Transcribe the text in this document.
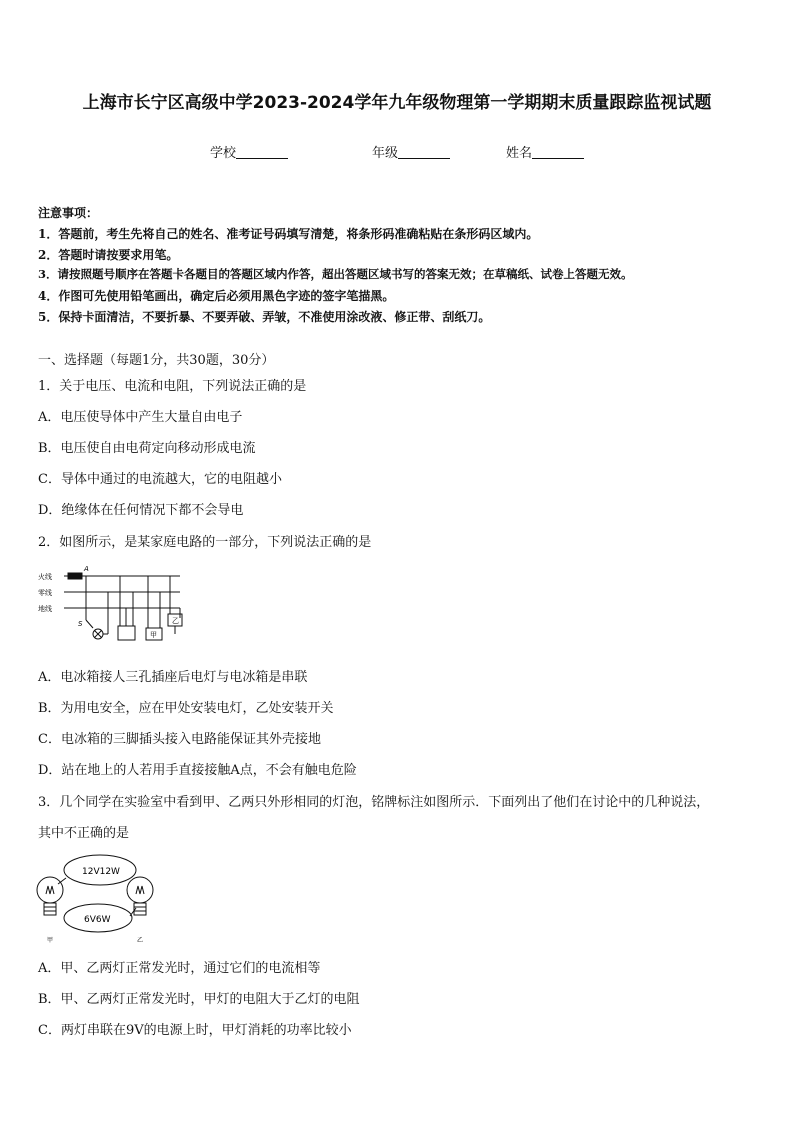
上海市长宁区高级中学2023-2024学年九年级物理第一学期期末质量跟踪监视试题
学校	年级	姓名
注意事项：
1．答题前，考生先将自己的姓名、准考证号码填写清楚，将条形码准确粘贴在条形码区域内。
2．答题时请按要求用笔。
3．请按照题号顺序在答题卡各题目的答题区域内作答，超出答题区域书写的答案无效；在草稿纸、试卷上答题无效。
4．作图可先使用铅笔画出，确定后必须用黑色字迹的签字笔描黑。
5．保持卡面清洁，不要折暴、不要弄破、弄皱，不准使用涂改液、修正带、刮纸刀。
一、选择题（每题1分，共30题，30分）
1．关于电压、电流和电阻，下列说法正确的是
A．电压使导体中产生大量自由电子
B．电压使自由电荷定向移动形成电流
C．导体中通过的电流越大，它的电阻越小
D．绝缘体在任何情况下都不会导电
2．如图所示，是某家庭电路的一部分，下列说法正确的是
火线
零线
地线
A
S
甲
乙
A．电冰箱接人三孔插座后电灯与电冰箱是串联
B．为用电安全，应在甲处安装电灯，乙处安装开关
C．电冰箱的三脚插头接入电路能保证其外壳接地
D．站在地上的人若用手直接接触A点，不会有触电危险
3．几个同学在实验室中看到甲、乙两只外形相同的灯泡，铭牌标注如图所示．下面列出了他们在讨论中的几种说法，
其中不正确的是
12V12W
6V6W
甲	乙
A．甲、乙两灯正常发光时，通过它们的电流相等
B．甲、乙两灯正常发光时，甲灯的电阻大于乙灯的电阻
C．两灯串联在9V的电源上时，甲灯消耗的功率比较小
